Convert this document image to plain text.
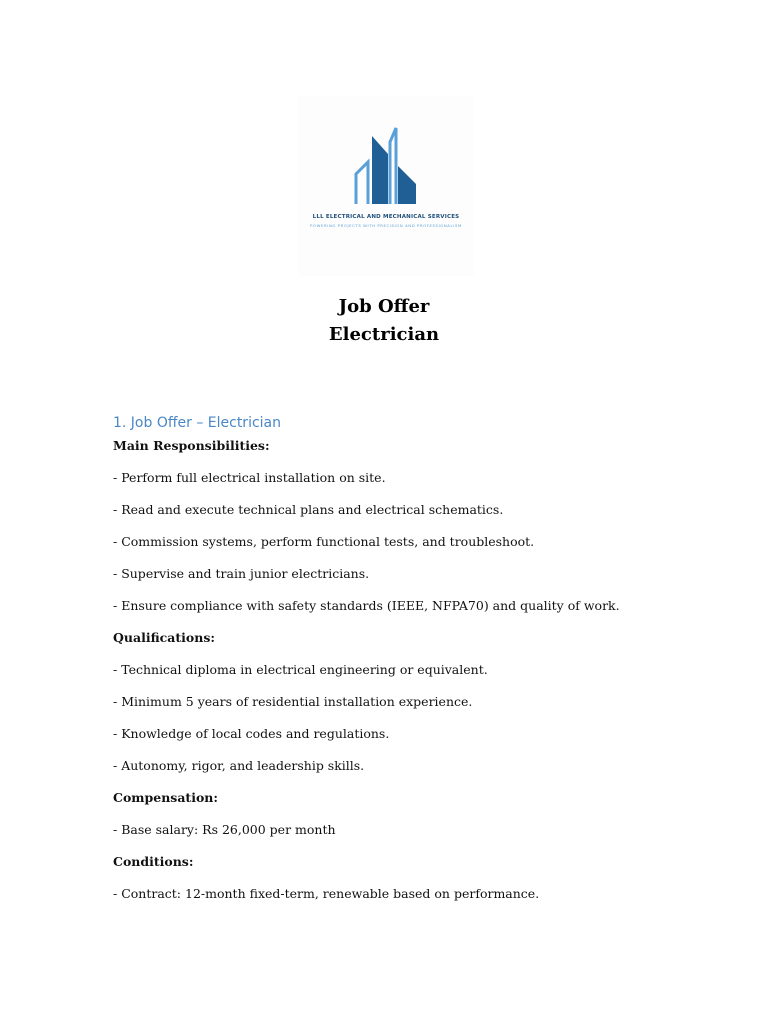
LLL ELECTRICAL AND MECHANICAL SERVICES
POWERING PROJECTS WITH PRECISION AND PROFESSIONALISM
Job Offer
Electrician
1. Job Offer – Electrician
Main Responsibilities:
- Perform full electrical installation on site.
- Read and execute technical plans and electrical schematics.
- Commission systems, perform functional tests, and troubleshoot.
- Supervise and train junior electricians.
- Ensure compliance with safety standards (IEEE, NFPA70) and quality of work.
Qualifications:
- Technical diploma in electrical engineering or equivalent.
- Minimum 5 years of residential installation experience.
- Knowledge of local codes and regulations.
- Autonomy, rigor, and leadership skills.
Compensation:
- Base salary: Rs 26,000 per month
Conditions:
- Contract: 12-month fixed-term, renewable based on performance.
